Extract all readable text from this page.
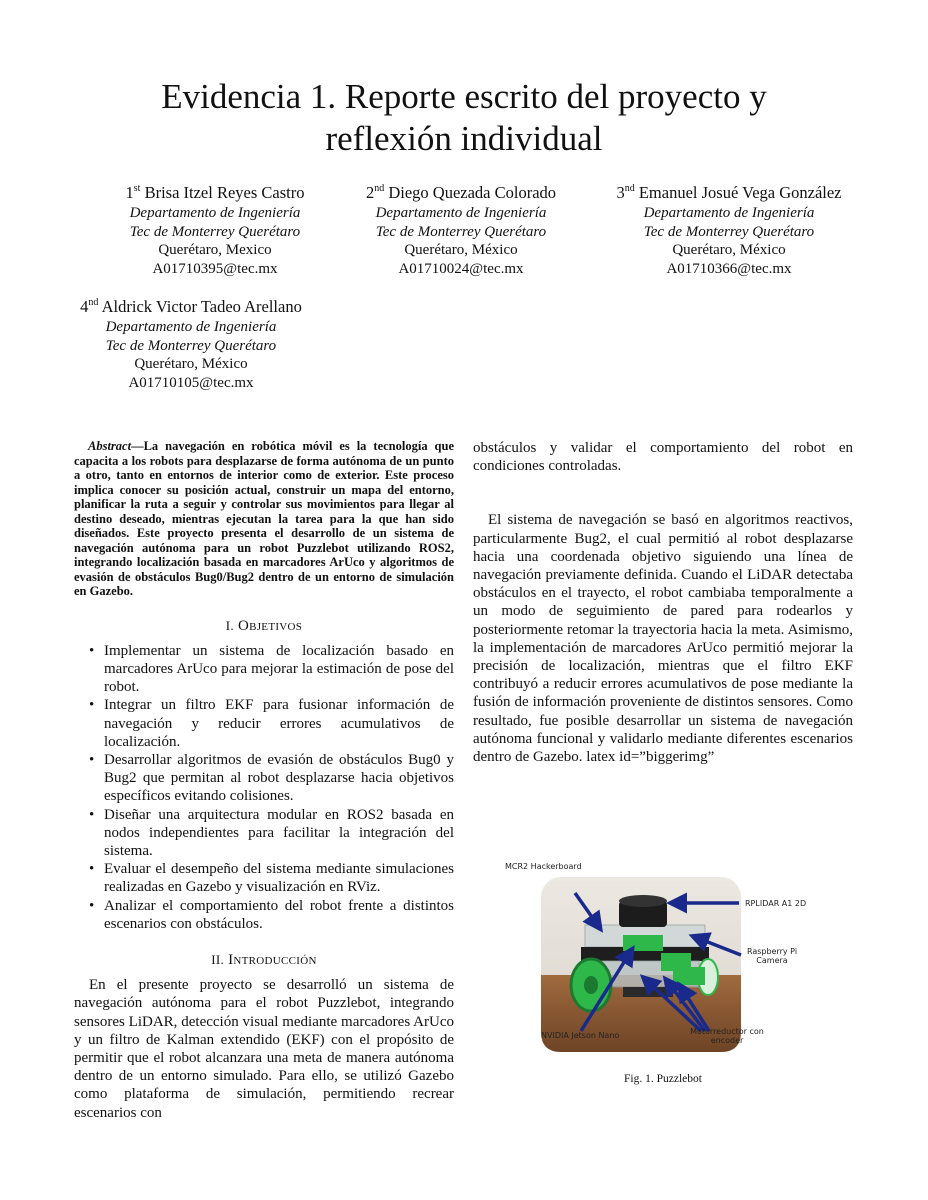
Evidencia 1. Reporte escrito del proyecto y
reflexión individual
1st Brisa Itzel Reyes Castro
Departamento de Ingeniería
Tec de Monterrey Querétaro
Querétaro, Mexico
A01710395@tec.mx
2nd Diego Quezada Colorado
Departamento de Ingeniería
Tec de Monterrey Querétaro
Querétaro, México
A01710024@tec.mx
3nd Emanuel Josué Vega González
Departamento de Ingeniería
Tec de Monterrey Querétaro
Querétaro, México
A01710366@tec.mx
4nd Aldrick Victor Tadeo Arellano
Departamento de Ingeniería
Tec de Monterrey Querétaro
Querétaro, México
A01710105@tec.mx

Abstract—La navegación en robótica móvil es la tecnología que capacita a los robots para desplazarse de forma autónoma de un punto a otro, tanto en entornos de interior como de exterior. Este proceso implica conocer su posición actual, construir un mapa del entorno, planificar la ruta a seguir y controlar sus movimientos para llegar al destino deseado, mientras ejecutan la tarea para la que han sido diseñados. Este proyecto presenta el desarrollo de un sistema de navegación autónoma para un robot Puzzlebot utilizando ROS2, integrando localización basada en marcadores ArUco y algoritmos de evasión de obstáculos Bug0/Bug2 dentro de un entorno de simulación en Gazebo.

I. Objetivos
• Implementar un sistema de localización basado en marcadores ArUco para mejorar la estimación de pose del robot.
• Integrar un filtro EKF para fusionar información de navegación y reducir errores acumulativos de localización.
• Desarrollar algoritmos de evasión de obstáculos Bug0 y Bug2 que permitan al robot desplazarse hacia objetivos específicos evitando colisiones.
• Diseñar una arquitectura modular en ROS2 basada en nodos independientes para facilitar la integración del sistema.
• Evaluar el desempeño del sistema mediante simulaciones realizadas en Gazebo y visualización en RViz.
• Analizar el comportamiento del robot frente a distintos escenarios con obstáculos.
II. Introducción

En el presente proyecto se desarrolló un sistema de navegación autónoma para el robot Puzzlebot, integrando sensores LiDAR, detección visual mediante marcadores ArUco y un filtro de Kalman extendido (EKF) con el propósito de permitir que el robot alcanzara una meta de manera autónoma dentro de un entorno simulado. Para ello, se utilizó Gazebo como plataforma de simulación, permitiendo recrear escenarios con

obstáculos y validar el comportamiento del robot en condiciones controladas.

El sistema de navegación se basó en algoritmos reactivos, particularmente Bug2, el cual permitió al robot desplazarse hacia una coordenada objetivo siguiendo una línea de navegación previamente definida. Cuando el LiDAR detectaba obstáculos en el trayecto, el robot cambiaba temporalmente a un modo de seguimiento de pared para rodearlos y posteriormente retomar la trayectoria hacia la meta. Asimismo, la implementación de marcadores ArUco permitió mejorar la precisión de localización, mientras que el filtro EKF contribuyó a reducir errores acumulativos de pose mediante la fusión de información proveniente de distintos sensores. Como resultado, fue posible desarrollar un sistema de navegación autónoma funcional y validarlo mediante diferentes escenarios dentro de Gazebo. latex id=”biggerimg”

MCR2 Hackerboard
RPLIDAR A1 2D
Raspberry Pi
Camera
NVIDIA Jetson Nano	Motorreductor con
encoder
Fig. 1. Puzzlebot
